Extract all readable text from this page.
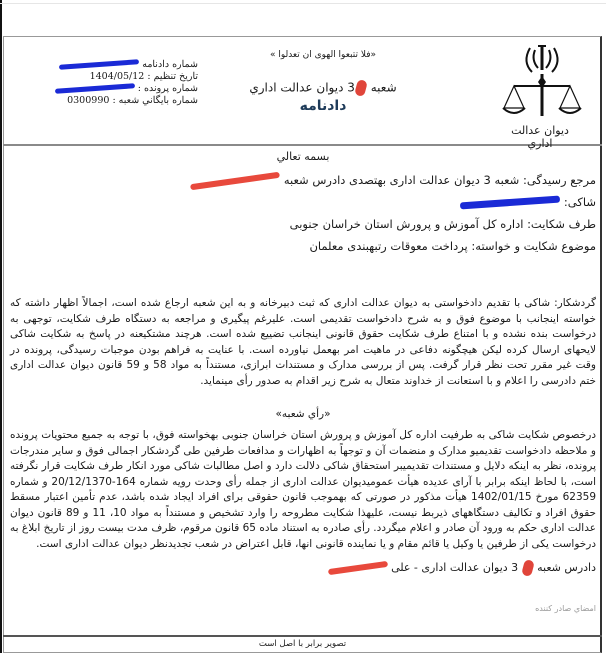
ديوان عدالت اداري
«فلا تتبعوا الهوى ان تعدلوا »
شعبه 3 ديوان عدالت اداري
دادنامه
شماره دادنامه
تاريخ تنظيم : 1404/05/12
شماره پرونده :
شماره بايگاني شعبه : 0300990
بسمه تعالي
مرجع رسيدگی: شعبه 3 ديوان عدالت اداری بهتصدی دادرس شعبه
شاکی:
طرف شکايت: اداره کل آموزش و پرورش استان خراسان جنوبی
موضوع شکايت و خواسته: پرداخت معوقات رتبهبندی معلمان

گردشکار: شاکی با تقديم دادخواستی به ديوان عدالت اداری که ثبت دبيرخانه و به اين شعبه ارجاع شده است، اجمالاً اظهار داشته که خواسته اينجانب با موضوع فوق و به شرح دادخواست تقديمی است. علیرغم پيگيری و مراجعه به دستگاه طرف شکايت، توجهی به درخواست بنده نشده و با امتناع طرف شکايت حقوق قانونی اينجانب تضييع شده است. هرچند مشتکیعنه در پاسخ به شکايت شاکی لايحهای ارسال کرده ليکن هيچگونه دفاعی در ماهيت امر بهعمل نياورده است. با عنايت به فراهم بودن موجبات رسيدگی، پرونده در وقت غير مقرر تحت نظر قرار گرفت. پس از بررسی مدارک و مستندات ابرازی، مستنداً به مواد 58 و 59 قانون ديوان عدالت اداری ختم دادرسی را اعلام و با استعانت از خداوند متعال به شرح زير اقدام به صدور رأی مینمايد.

«رأي شعبه»

درخصوص شکايت شاکی به طرفيت اداره کل آموزش و پرورش استان خراسان جنوبی بهخواسته فوق، با توجه به جميع محتويات پرونده و ملاحظه دادخواست تقديمیو مدارک و منضمات آن و توجهاً به اظهارات و مدافعات طرفين طی گردشکار اجمالی فوق و ساير مندرجات پرونده، نظر به اينکه دلايل و مستندات تقديمیبر استحقاق شاکی دلالت دارد و اصل مطالبات شاکی مورد انکار طرف شکايت قرار نگرفته است، با لحاظ اينکه برابر با آرای عديده هيأت عمومیديوان عدالت اداری از جمله رأی وحدت رويه شماره 164-20/12/1370 و شماره 62359 مورخ 1402/01/15 هيأت مذکور در صورتی که بهموجب قانون حقوقی برای افراد ايجاد شده باشد، عدم تأمين اعتبار مسقط حقوق افراد و تکاليف دستگاههای ذیربط نيست، عليهذا شکايت مطروحه را وارد تشخيص و مستنداً به مواد 10، 11 و 89 قانون ديوان عدالت اداری حکم به ورود آن صادر و اعلام میگردد. رأی صادره به استناد ماده 65 قانون مرقوم، ظرف مدت بيست روز از تاريخ ابلاغ به درخواست يکی از طرفين يا وکيل يا قائم مقام و يا نماينده قانونی انها، قابل اعتراض در شعب تجديدنظر ديوان عدالت اداری است.

دادرس شعبه  3 ديوان عدالت اداری - علی
امضاي صادر كننده
تصوير برابر با اصل است
